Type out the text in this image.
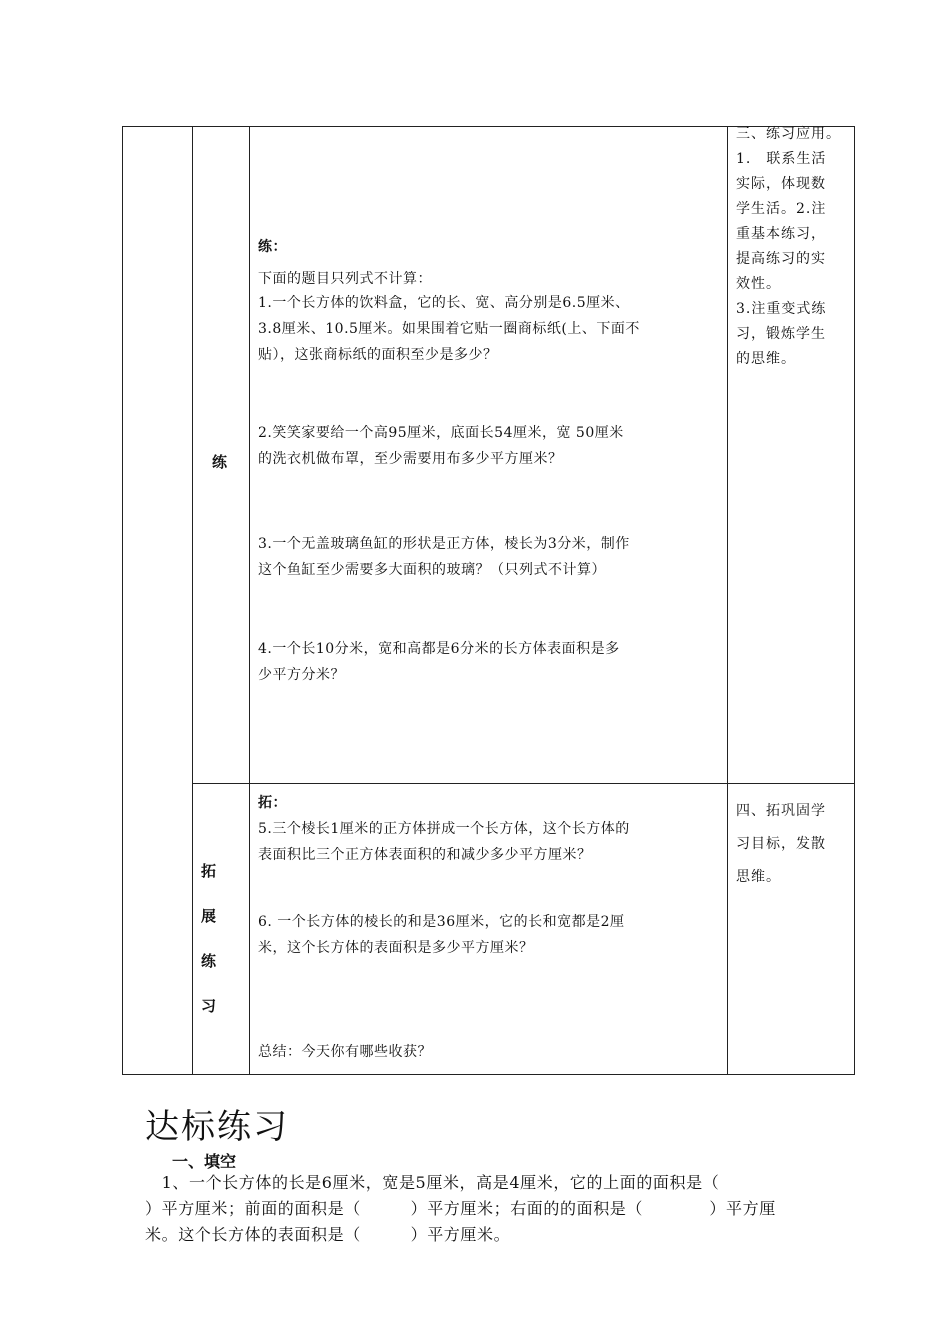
练
练：
下面的题目只列式不计算：
1.一个长方体的饮料盒，它的长、宽、高分别是6.5厘米、
3.8厘米、10.5厘米。如果围着它贴一圈商标纸(上、下面不
贴），这张商标纸的面积至少是多少？
2.笑笑家要给一个高95厘米，底面长54厘米，宽 50厘米
的洗衣机做布罩，至少需要用布多少平方厘米？
3.一个无盖玻璃鱼缸的形状是正方体，棱长为3分米，制作
这个鱼缸至少需要多大面积的玻璃？（只列式不计算）
4.一个长10分米，宽和高都是6分米的长方体表面积是多
少平方分米？
三、练习应用。
1.　联系生活
实际，体现数
学生活。2.注
重基本练习，
提高练习的实
效性。
3.注重变式练
习，锻炼学生
的思维。
拓
展
练
习
拓：
5.三个棱长1厘米的正方体拼成一个长方体，这个长方体的
表面积比三个正方体表面积的和减少多少平方厘米？
6. 一个长方体的棱长的和是36厘米，它的长和宽都是2厘
米，这个长方体的表面积是多少平方厘米？
总结：今天你有哪些收获？
四、拓巩固学
习目标，发散
思维。
达标练习
一、填空
　1、一个长方体的长是6厘米，宽是5厘米，高是4厘米，它的上面的面积是（
）平方厘米；前面的面积是（　　　）平方厘米；右面的的面积是（　　　　）平方厘
米。这个长方体的表面积是（　　　）平方厘米。
